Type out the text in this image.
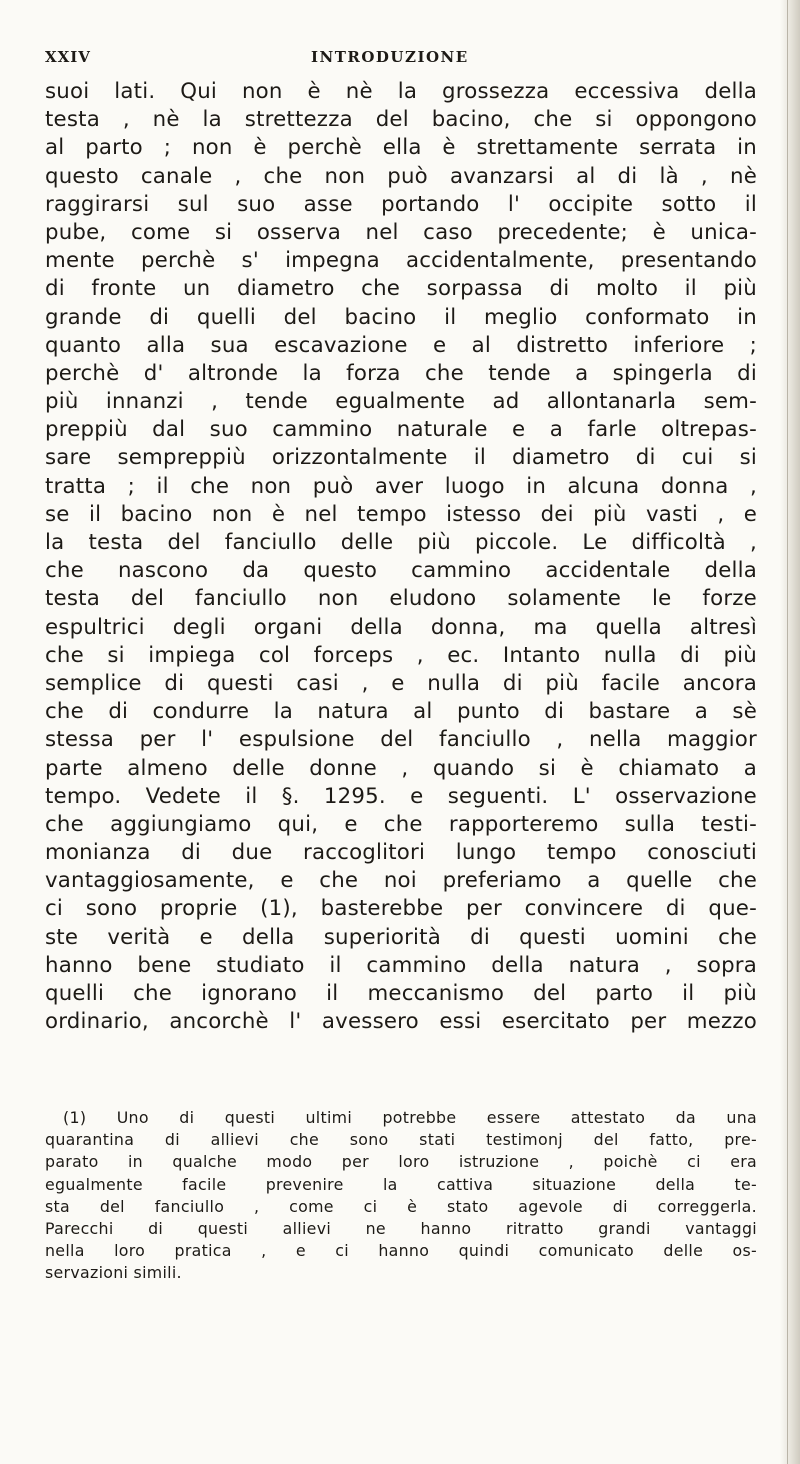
XXIV	INTRODUZIONE
suoi lati. Qui non è nè la grossezza eccessiva della
testa , nè la strettezza del bacino, che si oppongono
al parto ; non è perchè ella è strettamente serrata in
questo canale , che non può avanzarsi al di là , nè
raggirarsi sul suo asse portando l' occipite sotto il
pube, come si osserva nel caso precedente; è unica-
mente perchè s' impegna accidentalmente, presentando
di fronte un diametro che sorpassa di molto il più
grande di quelli del bacino il meglio conformato in
quanto alla sua escavazione e al distretto inferiore ;
perchè d' altronde la forza che tende a spingerla di
più innanzi , tende egualmente ad allontanarla sem-
preppiù dal suo cammino naturale e a farle oltrepas-
sare sempreppiù orizzontalmente il diametro di cui si
tratta ; il che non può aver luogo in alcuna donna ,
se il bacino non è nel tempo istesso dei più vasti , e
la testa del fanciullo delle più piccole. Le difficoltà ,
che nascono da questo cammino accidentale della
testa del fanciullo non eludono solamente le forze
espultrici degli organi della donna, ma quella altresì
che si impiega col forceps , ec. Intanto nulla di più
semplice di questi casi , e nulla di più facile ancora
che di condurre la natura al punto di bastare a sè
stessa per l' espulsione del fanciullo , nella maggior
parte almeno delle donne , quando si è chiamato a
tempo. Vedete il §. 1295. e seguenti. L' osservazione
che aggiungiamo qui, e che rapporteremo sulla testi-
monianza di due raccoglitori lungo tempo conosciuti
vantaggiosamente, e che noi preferiamo a quelle che
ci sono proprie (1), basterebbe per convincere di que-
ste verità e della superiorità di questi uomini che
hanno bene studiato il cammino della natura , sopra
quelli che ignorano il meccanismo del parto il più
ordinario, ancorchè l' avessero essi esercitato per mezzo
(1) Uno di questi ultimi potrebbe essere attestato da una
quarantina di allievi che sono stati testimonj del fatto, pre-
parato in qualche modo per loro istruzione , poichè ci era
egualmente facile prevenire la cattiva situazione della te-
sta del fanciullo , come ci è stato agevole di correggerla.
Parecchi di questi allievi ne hanno ritratto grandi vantaggi
nella loro pratica , e ci hanno quindi comunicato delle os-
servazioni simili.
